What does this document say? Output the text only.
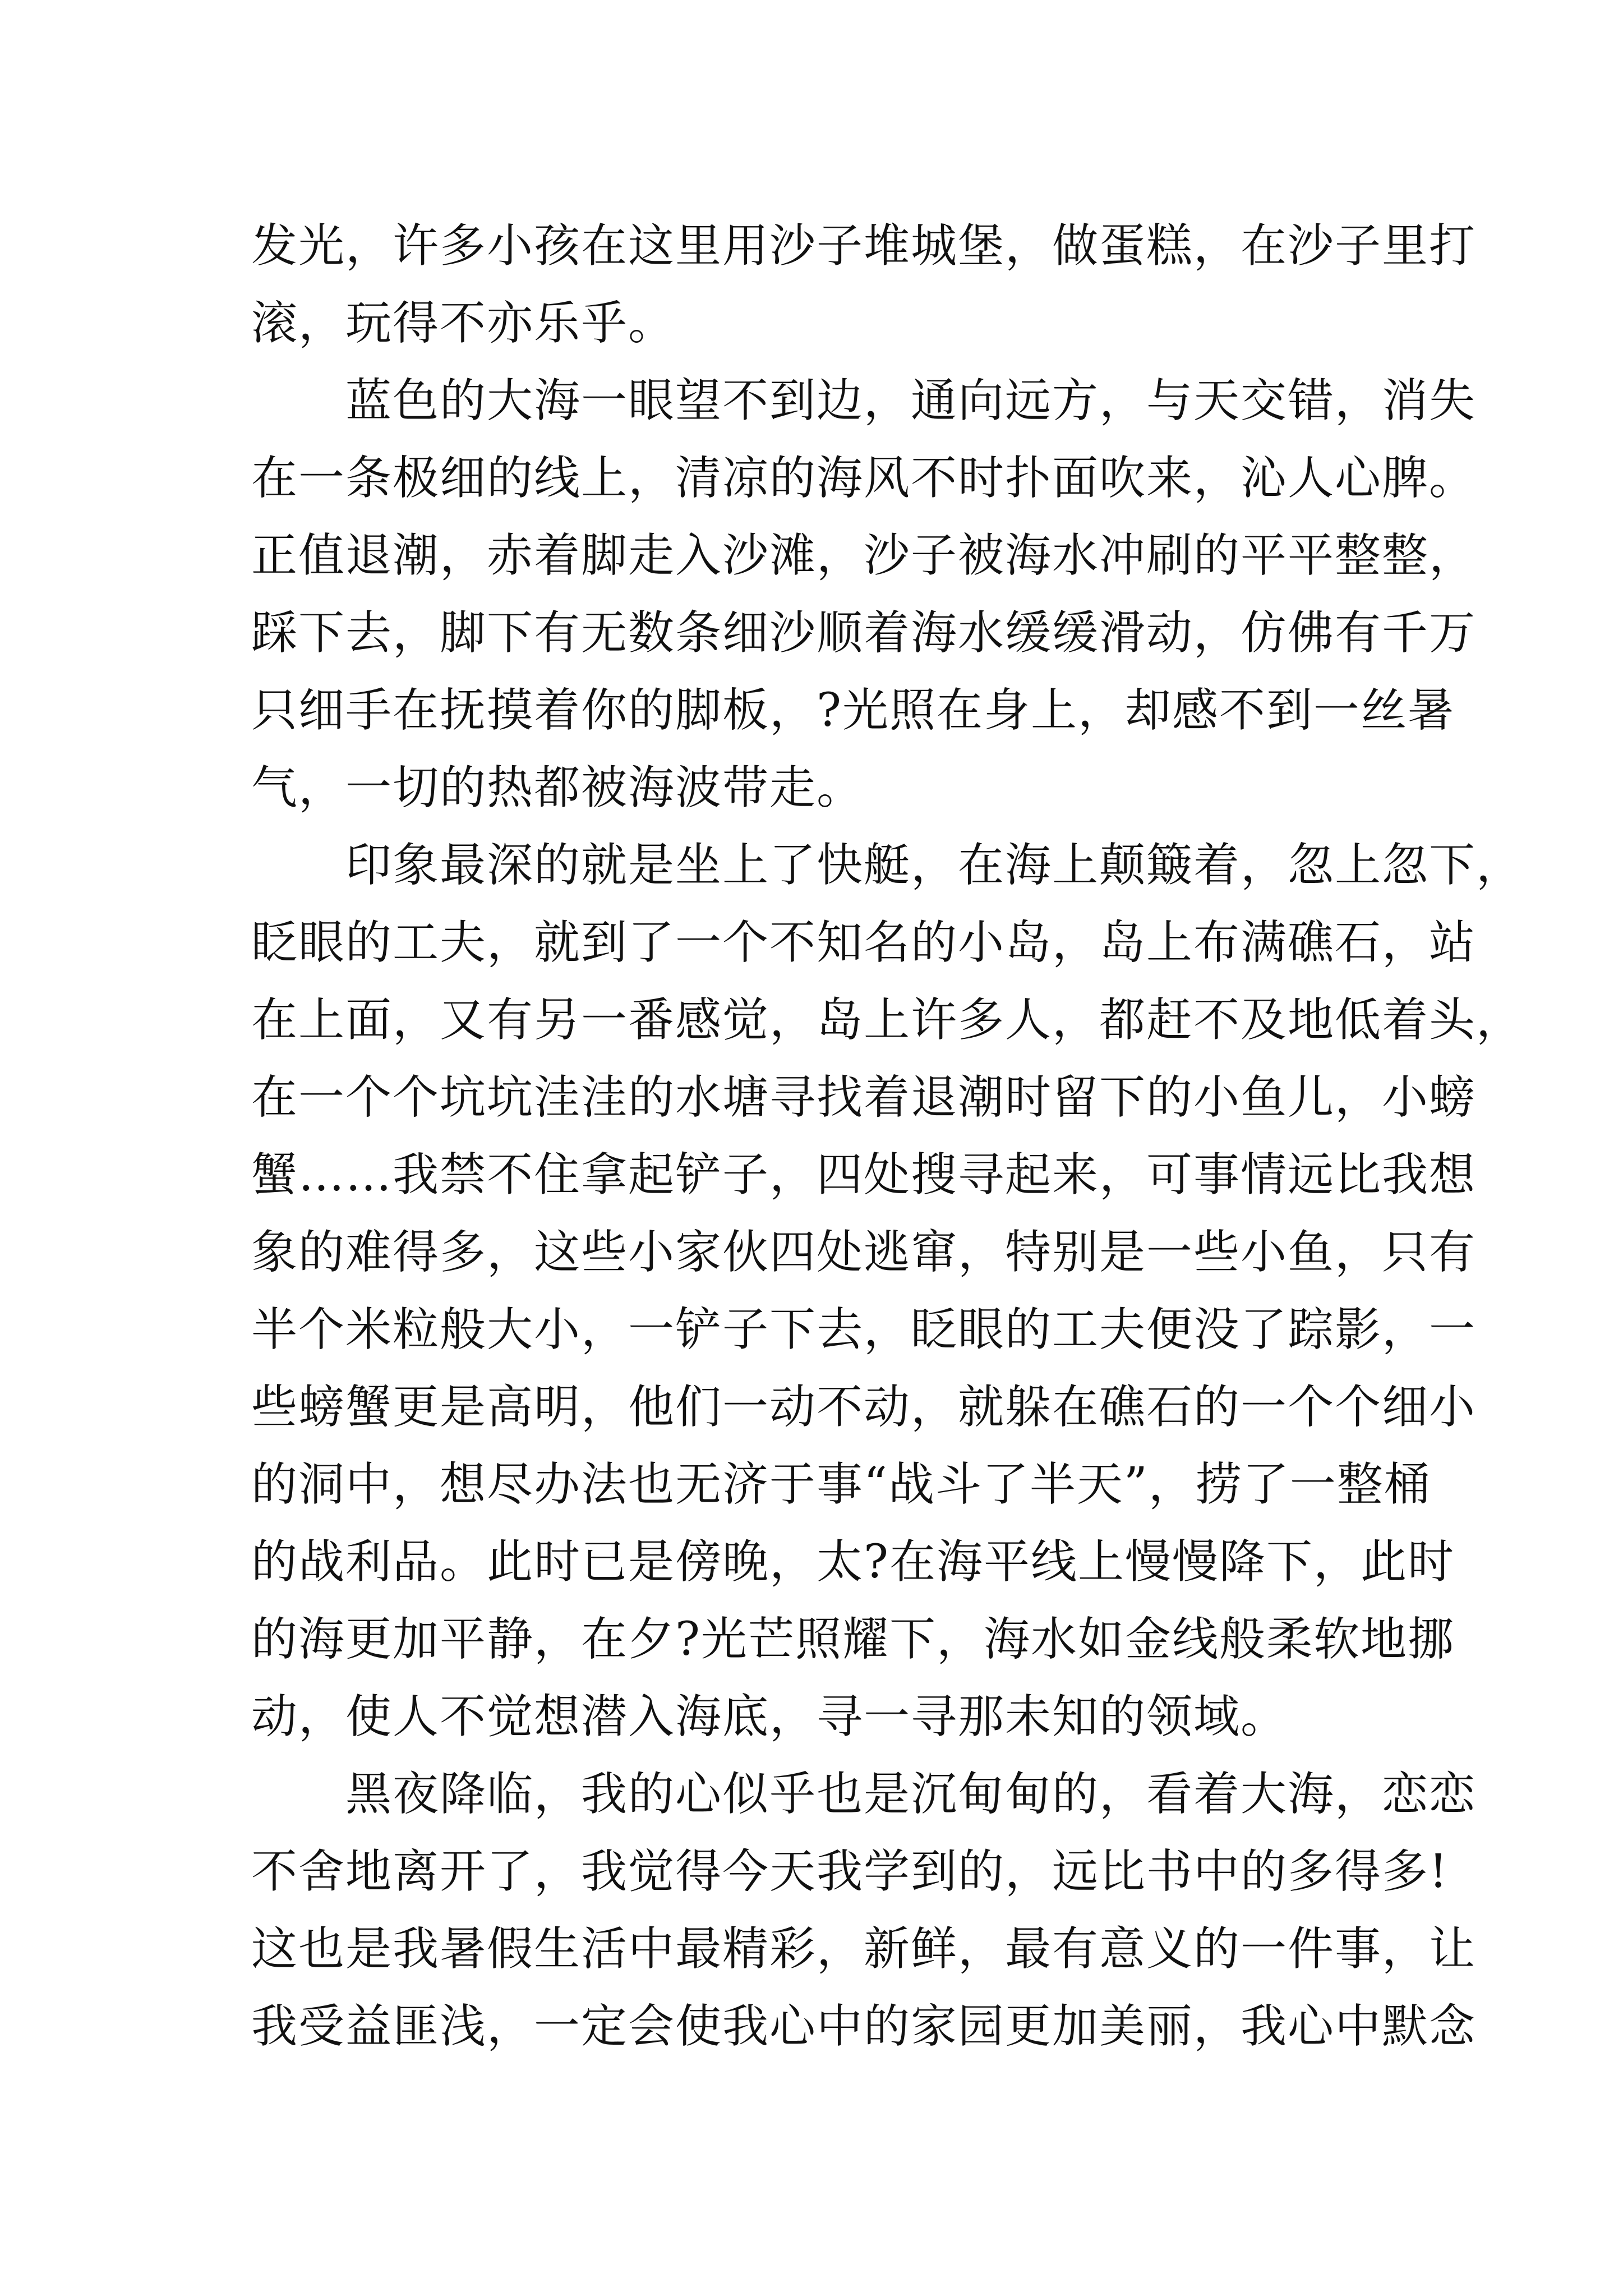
发光，许多小孩在这里用沙子堆城堡，做蛋糕，在沙子里打
滚，玩得不亦乐乎。
　　蓝色的大海一眼望不到边，通向远方，与天交错，消失
在一条极细的线上，清凉的海风不时扑面吹来，沁人心脾。
正值退潮，赤着脚走入沙滩，沙子被海水冲刷的平平整整，
踩下去，脚下有无数条细沙顺着海水缓缓滑动，仿佛有千万
只细手在抚摸着你的脚板，?光照在身上，却感不到一丝暑
气，一切的热都被海波带走。
　　印象最深的就是坐上了快艇，在海上颠簸着，忽上忽下，
眨眼的工夫，就到了一个不知名的小岛，岛上布满礁石，站
在上面，又有另一番感觉，岛上许多人，都赶不及地低着头，
在一个个坑坑洼洼的水塘寻找着退潮时留下的小鱼儿，小螃
蟹……我禁不住拿起铲子，四处搜寻起来，可事情远比我想
象的难得多，这些小家伙四处逃窜，特别是一些小鱼，只有
半个米粒般大小，一铲子下去，眨眼的工夫便没了踪影，一
些螃蟹更是高明，他们一动不动，就躲在礁石的一个个细小
的洞中，想尽办法也无济于事“战斗了半天”，捞了一整桶
的战利品。此时已是傍晚，太?在海平线上慢慢降下，此时
的海更加平静，在夕?光芒照耀下，海水如金线般柔软地挪
动，使人不觉想潜入海底，寻一寻那未知的领域。
　　黑夜降临，我的心似乎也是沉甸甸的，看着大海，恋恋
不舍地离开了，我觉得今天我学到的，远比书中的多得多!
这也是我暑假生活中最精彩，新鲜，最有意义的一件事，让
我受益匪浅，一定会使我心中的家园更加美丽，我心中默念
